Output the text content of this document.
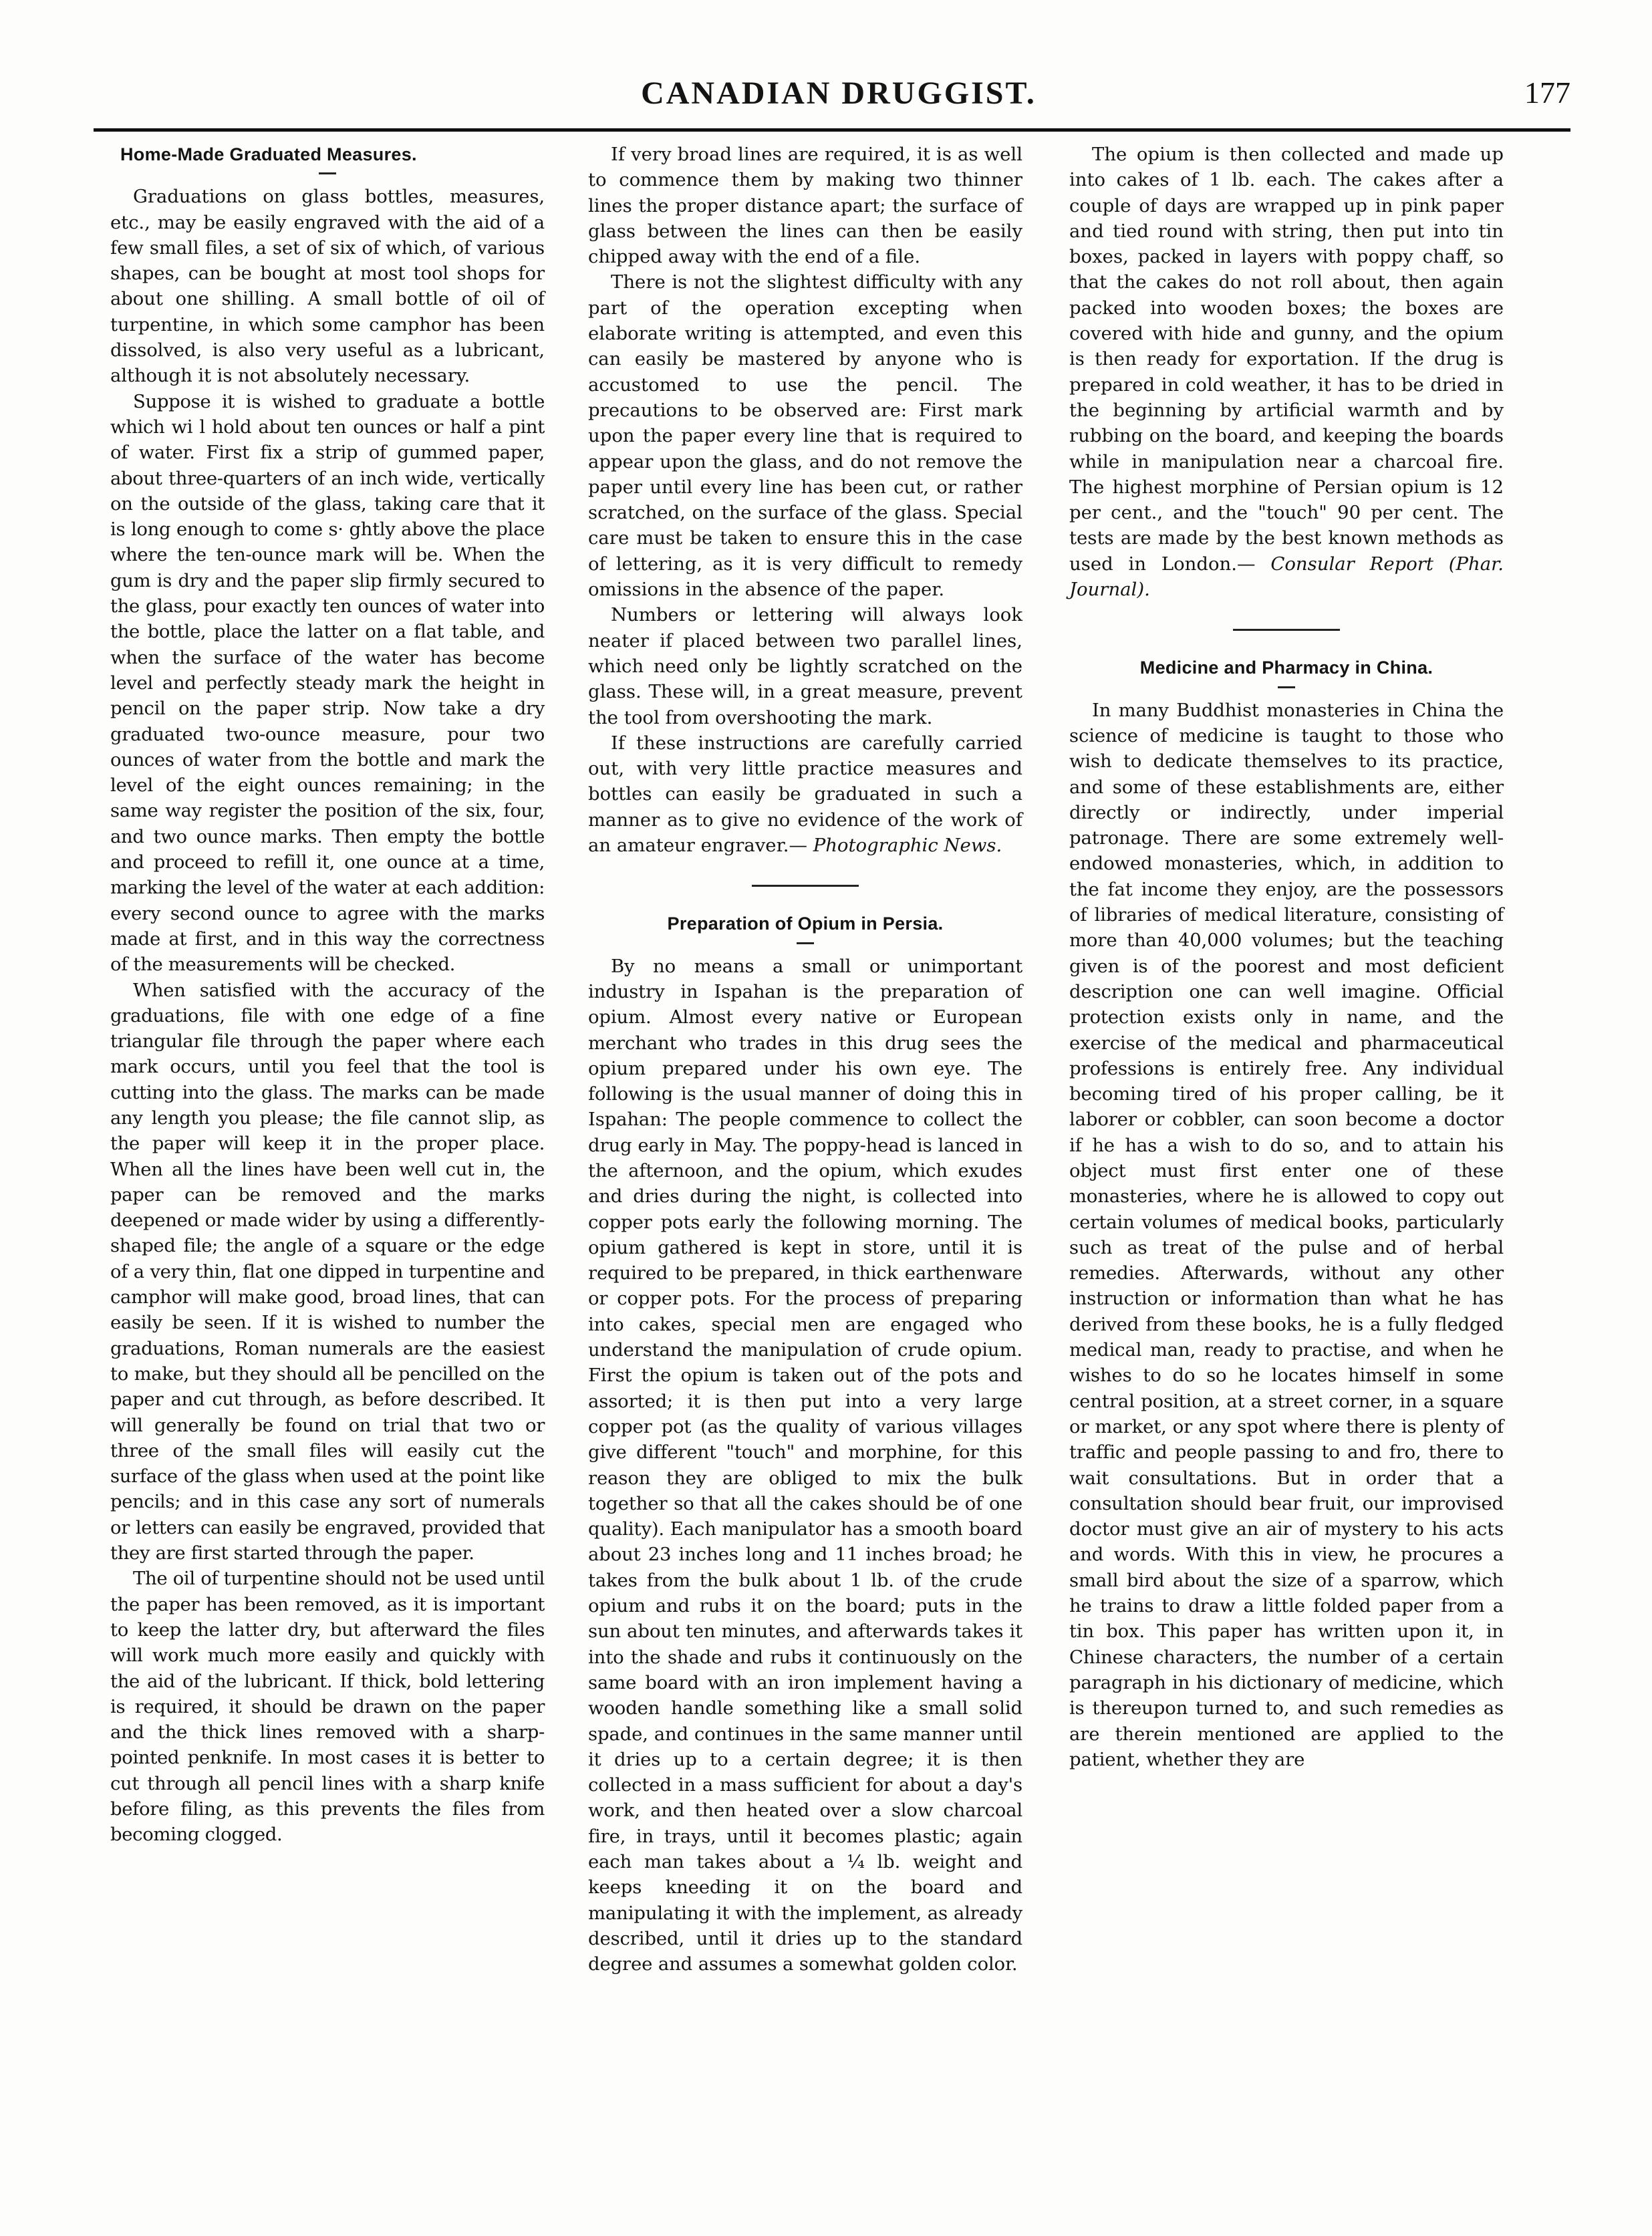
CANADIAN DRUGGIST.	177
Home-Made Graduated Measures.

Graduations on glass bottles, measures, etc., may be easily engraved with the aid of a few small files, a set of six of which, of various shapes, can be bought at most tool shops for about one shilling. A small bottle of oil of turpentine, in which some camphor has been dissolved, is also very useful as a lubricant, although it is not absolutely necessary.

Suppose it is wished to graduate a bottle which wi l hold about ten ounces or half a pint of water. First fix a strip of gummed paper, about three-quarters of an inch wide, vertically on the outside of the glass, taking care that it is long enough to come s· ghtly above the place where the ten-ounce mark will be. When the gum is dry and the paper slip firmly secured to the glass, pour exactly ten ounces of water into the bottle, place the latter on a flat table, and when the surface of the water has become level and perfectly steady mark the height in pencil on the paper strip. Now take a dry graduated two-ounce measure, pour two ounces of water from the bottle and mark the level of the eight ounces remaining; in the same way register the position of the six, four, and two ounce marks. Then empty the bottle and proceed to refill it, one ounce at a time, marking the level of the water at each addition: every second ounce to agree with the marks made at first, and in this way the correctness of the measurements will be checked.

When satisfied with the accuracy of the graduations, file with one edge of a fine triangular file through the paper where each mark occurs, until you feel that the tool is cutting into the glass. The marks can be made any length you please; the file cannot slip, as the paper will keep it in the proper place. When all the lines have been well cut in, the paper can be removed and the marks deepened or made wider by using a differently-shaped file; the angle of a square or the edge of a very thin, flat one dipped in turpentine and camphor will make good, broad lines, that can easily be seen. If it is wished to number the graduations, Roman numerals are the easiest to make, but they should all be pencilled on the paper and cut through, as before described. It will generally be found on trial that two or three of the small files will easily cut the surface of the glass when used at the point like pencils; and in this case any sort of numerals or letters can easily be engraved, provided that they are first started through the paper.

The oil of turpentine should not be used until the paper has been removed, as it is important to keep the latter dry, but afterward the files will work much more easily and quickly with the aid of the lubricant. If thick, bold lettering is required, it should be drawn on the paper and the thick lines removed with a sharp-pointed penknife. In most cases it is better to cut through all pencil lines with a sharp knife before filing, as this prevents the files from becoming clogged.

If very broad lines are required, it is as well to commence them by making two thinner lines the proper distance apart; the surface of glass between the lines can then be easily chipped away with the end of a file.

There is not the slightest difficulty with any part of the operation excepting when elaborate writing is attempted, and even this can easily be mastered by anyone who is accustomed to use the pencil. The precautions to be observed are: First mark upon the paper every line that is required to appear upon the glass, and do not remove the paper until every line has been cut, or rather scratched, on the surface of the glass. Special care must be taken to ensure this in the case of lettering, as it is very difficult to remedy omissions in the absence of the paper.

Numbers or lettering will always look neater if placed between two parallel lines, which need only be lightly scratched on the glass. These will, in a great measure, prevent the tool from overshooting the mark.

If these instructions are carefully carried out, with very little practice measures and bottles can easily be graduated in such a manner as to give no evidence of the work of an amateur engraver.— Photographic News.

Preparation of Opium in Persia.

By no means a small or unimportant industry in Ispahan is the preparation of opium. Almost every native or European merchant who trades in this drug sees the opium prepared under his own eye. The following is the usual manner of doing this in Ispahan: The people commence to collect the drug early in May. The poppy-head is lanced in the afternoon, and the opium, which exudes and dries during the night, is collected into copper pots early the following morning. The opium gathered is kept in store, until it is required to be prepared, in thick earthenware or copper pots. For the process of preparing into cakes, special men are engaged who understand the manipulation of crude opium. First the opium is taken out of the pots and assorted; it is then put into a very large copper pot (as the quality of various villages give different "touch" and morphine, for this reason they are obliged to mix the bulk together so that all the cakes should be of one quality). Each manipulator has a smooth board about 23 inches long and 11 inches broad; he takes from the bulk about 1 lb. of the crude opium and rubs it on the board; puts in the sun about ten minutes, and afterwards takes it into the shade and rubs it continuously on the same board with an iron implement having a wooden handle something like a small solid spade, and continues in the same manner until it dries up to a certain degree; it is then collected in a mass sufficient for about a day's work, and then heated over a slow charcoal fire, in trays, until it becomes plastic; again each man takes about a ¼ lb. weight and keeps kneeding it on the board and manipulating it with the implement, as already described, until it dries up to the standard degree and assumes a somewhat golden color.

The opium is then collected and made up into cakes of 1 lb. each. The cakes after a couple of days are wrapped up in pink paper and tied round with string, then put into tin boxes, packed in layers with poppy chaff, so that the cakes do not roll about, then again packed into wooden boxes; the boxes are covered with hide and gunny, and the opium is then ready for exportation. If the drug is prepared in cold weather, it has to be dried in the beginning by artificial warmth and by rubbing on the board, and keeping the boards while in manipulation near a charcoal fire. The highest morphine of Persian opium is 12 per cent., and the "touch" 90 per cent. The tests are made by the best known methods as used in London.— Consular Report (Phar. Journal).

Medicine and Pharmacy in China.

In many Buddhist monasteries in China the science of medicine is taught to those who wish to dedicate themselves to its practice, and some of these establishments are, either directly or indirectly, under imperial patronage. There are some extremely well-endowed monasteries, which, in addition to the fat income they enjoy, are the possessors of libraries of medical literature, consisting of more than 40,000 volumes; but the teaching given is of the poorest and most deficient description one can well imagine. Official protection exists only in name, and the exercise of the medical and pharmaceutical professions is entirely free. Any individual becoming tired of his proper calling, be it laborer or cobbler, can soon become a doctor if he has a wish to do so, and to attain his object must first enter one of these monasteries, where he is allowed to copy out certain volumes of medical books, particularly such as treat of the pulse and of herbal remedies. Afterwards, without any other instruction or information than what he has derived from these books, he is a fully fledged medical man, ready to practise, and when he wishes to do so he locates himself in some central position, at a street corner, in a square or market, or any spot where there is plenty of traffic and people passing to and fro, there to wait consultations. But in order that a consultation should bear fruit, our improvised doctor must give an air of mystery to his acts and words. With this in view, he procures a small bird about the size of a sparrow, which he trains to draw a little folded paper from a tin box. This paper has written upon it, in Chinese characters, the number of a certain paragraph in his dictionary of medicine, which is thereupon turned to, and such remedies as are therein mentioned are applied to the patient, whether they are
